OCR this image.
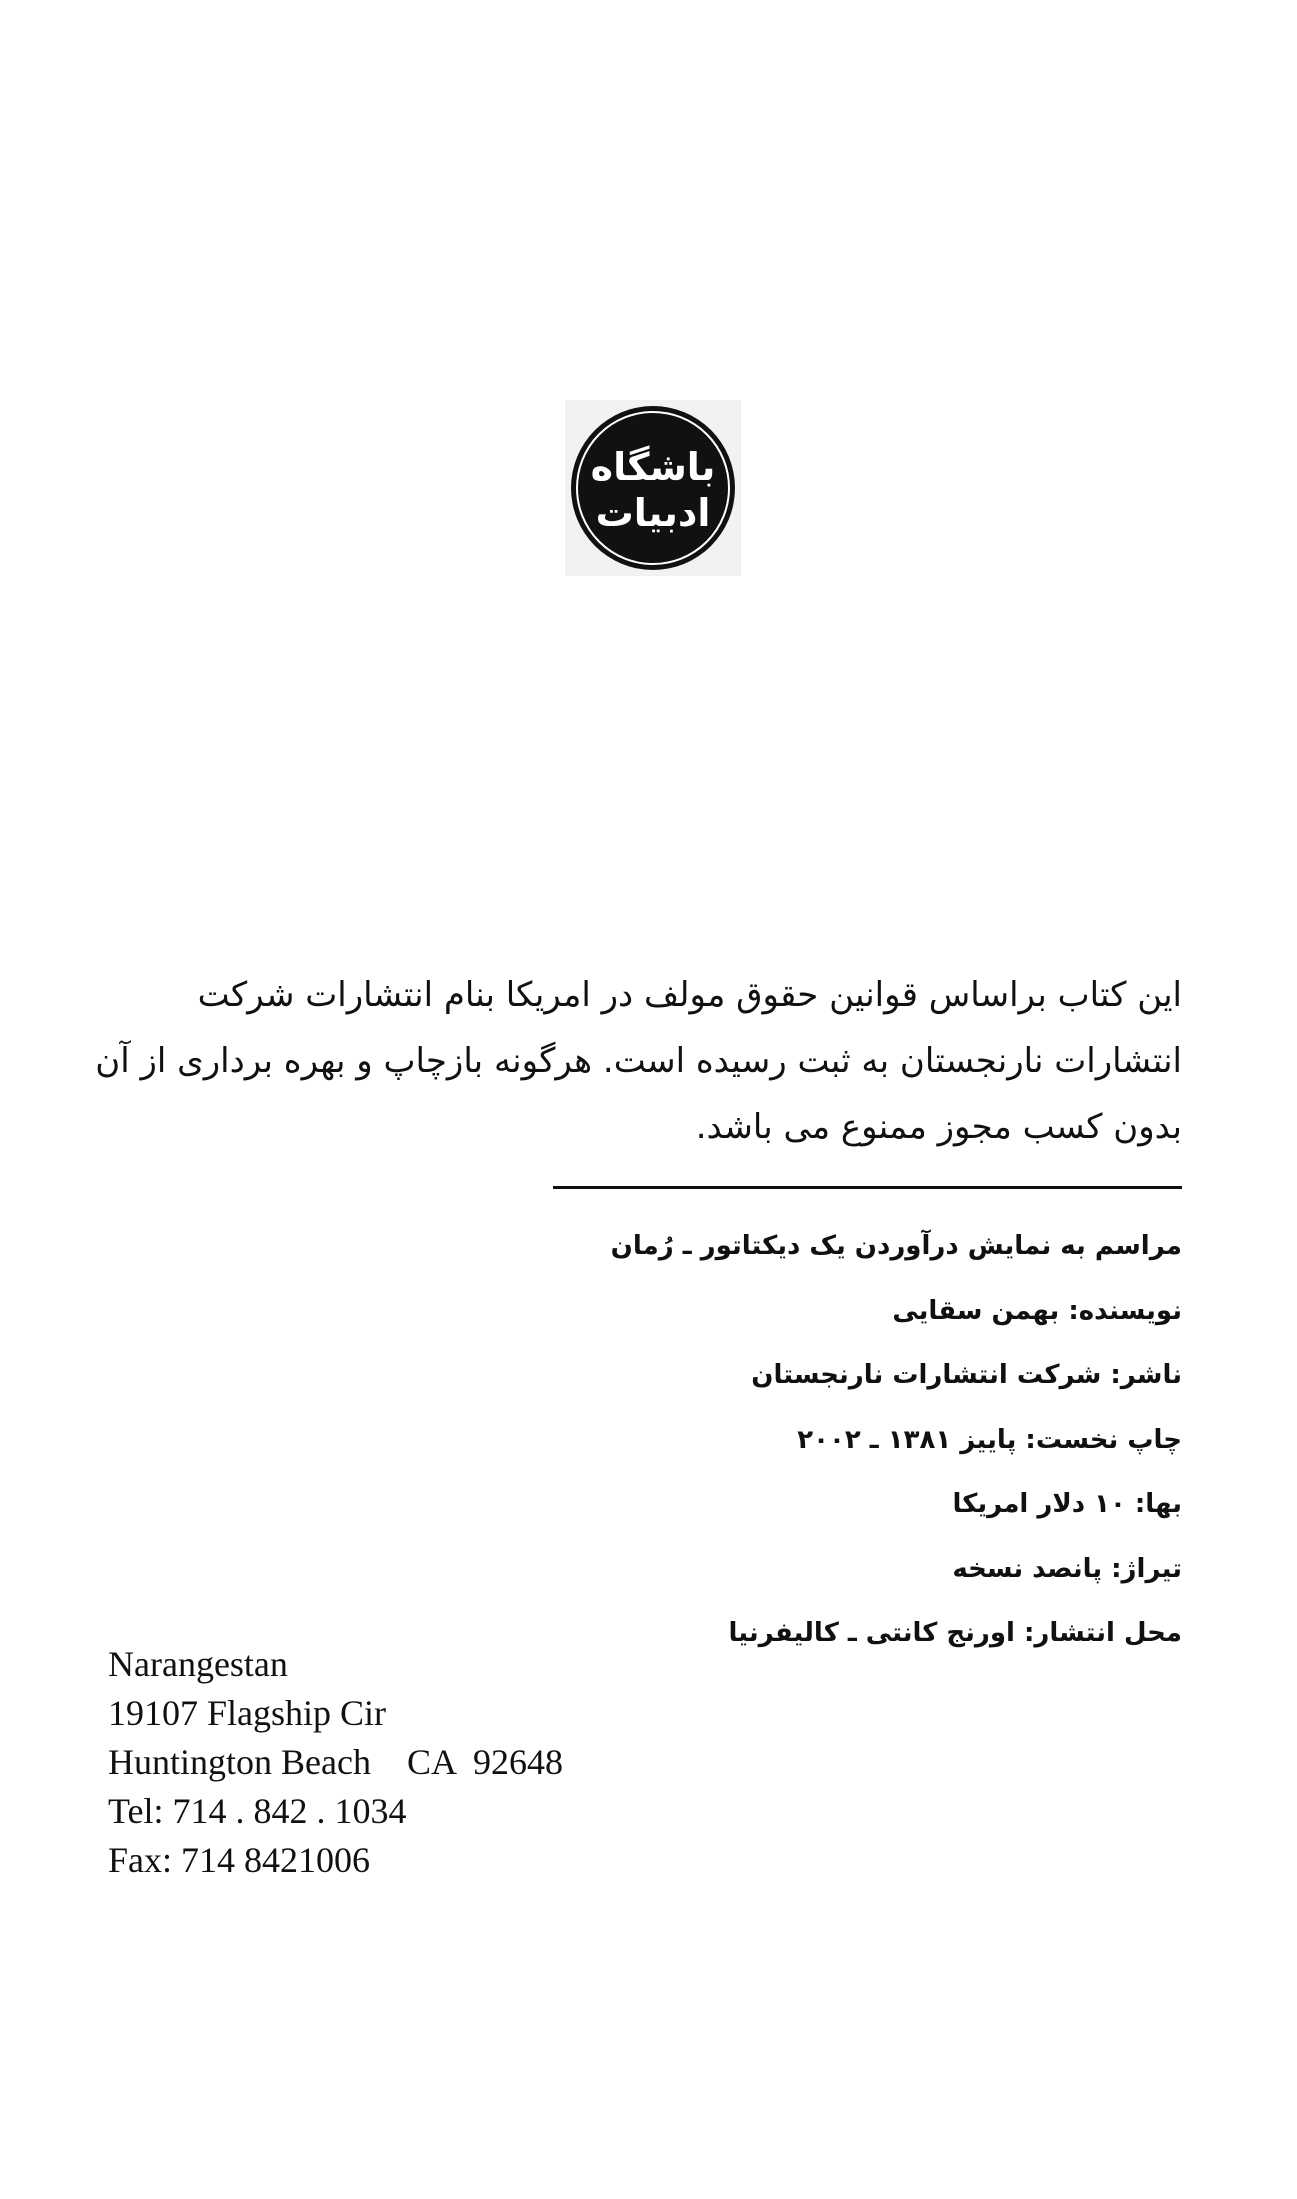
باشگاه
ادبیات
این کتاب براساس قوانین حقوق مولف در امریکا بنام انتشارات شرکت
انتشارات نارنجستان به ثبت رسیده است. هرگونه بازچاپ و بهره برداری از آن
بدون کسب مجوز ممنوع می باشد.
مراسم به نمایش درآوردن یک دیکتاتور ـ رُمان
نویسنده: بهمن سقایی
ناشر: شرکت انتشارات نارنجستان
چاپ نخست: پاییز ۱۳۸۱ ـ ۲۰۰۲
بها: ۱۰ دلار امریکا
تیراژ: پانصد نسخه
محل انتشار: اورنج کانتی ـ کالیفرنیا
Narangestan
19107 Flagship Cir
Huntington Beach    CA  92648
Tel: 714 . 842 . 1034
Fax: 714 8421006
